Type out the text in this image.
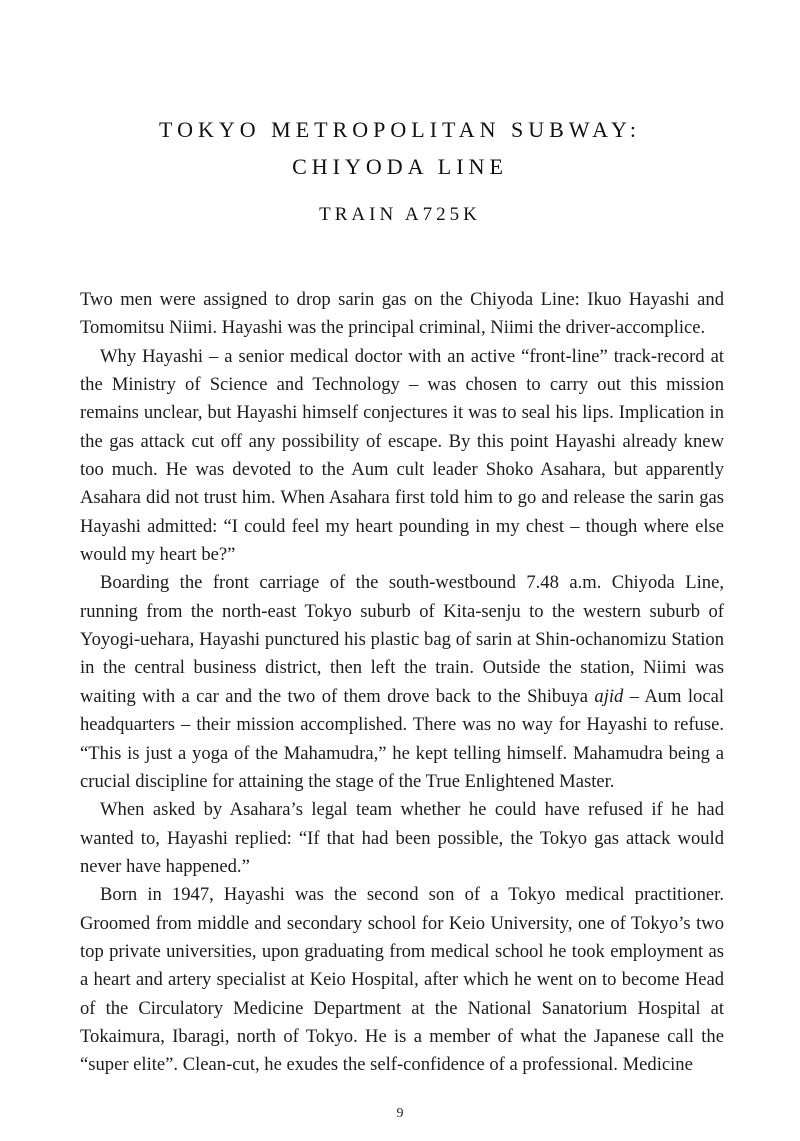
TOKYO METROPOLITAN SUBWAY:
CHIYODA LINE
TRAIN A725K

Two men were assigned to drop sarin gas on the Chiyoda Line: Ikuo Hayashi and Tomomitsu Niimi. Hayashi was the principal criminal, Niimi the driver-accomplice.

Why Hayashi – a senior medical doctor with an active “front-line” track-record at the Ministry of Science and Technology – was chosen to carry out this mission remains unclear, but Hayashi himself conjectures it was to seal his lips. Implication in the gas attack cut off any possibility of escape. By this point Hayashi already knew too much. He was devoted to the Aum cult leader Shoko Asahara, but apparently Asahara did not trust him. When Asahara first told him to go and release the sarin gas Hayashi admitted: “I could feel my heart pounding in my chest – though where else would my heart be?”

Boarding the front carriage of the south-westbound 7.48 a.m. Chiyoda Line, running from the north-east Tokyo suburb of Kita-senju to the western suburb of Yoyogi-uehara, Hayashi punctured his plastic bag of sarin at Shin-ochanomizu Station in the central business district, then left the train. Outside the station, Niimi was waiting with a car and the two of them drove back to the Shibuya ajid – Aum local headquarters – their mission accomplished. There was no way for Hayashi to refuse. “This is just a yoga of the Mahamudra,” he kept telling himself. Mahamudra being a crucial discipline for attaining the stage of the True Enlightened Master.

When asked by Asahara’s legal team whether he could have refused if he had wanted to, Hayashi replied: “If that had been possible, the Tokyo gas attack would never have happened.”

Born in 1947, Hayashi was the second son of a Tokyo medical practitioner. Groomed from middle and secondary school for Keio University, one of Tokyo’s two top private universities, upon graduating from medical school he took employment as a heart and artery specialist at Keio Hospital, after which he went on to become Head of the Circulatory Medicine Department at the National Sanatorium Hospital at Tokaimura, Ibaragi, north of Tokyo. He is a member of what the Japanese call the “super elite”. Clean-cut, he exudes the self-confidence of a professional. Medicine

9
